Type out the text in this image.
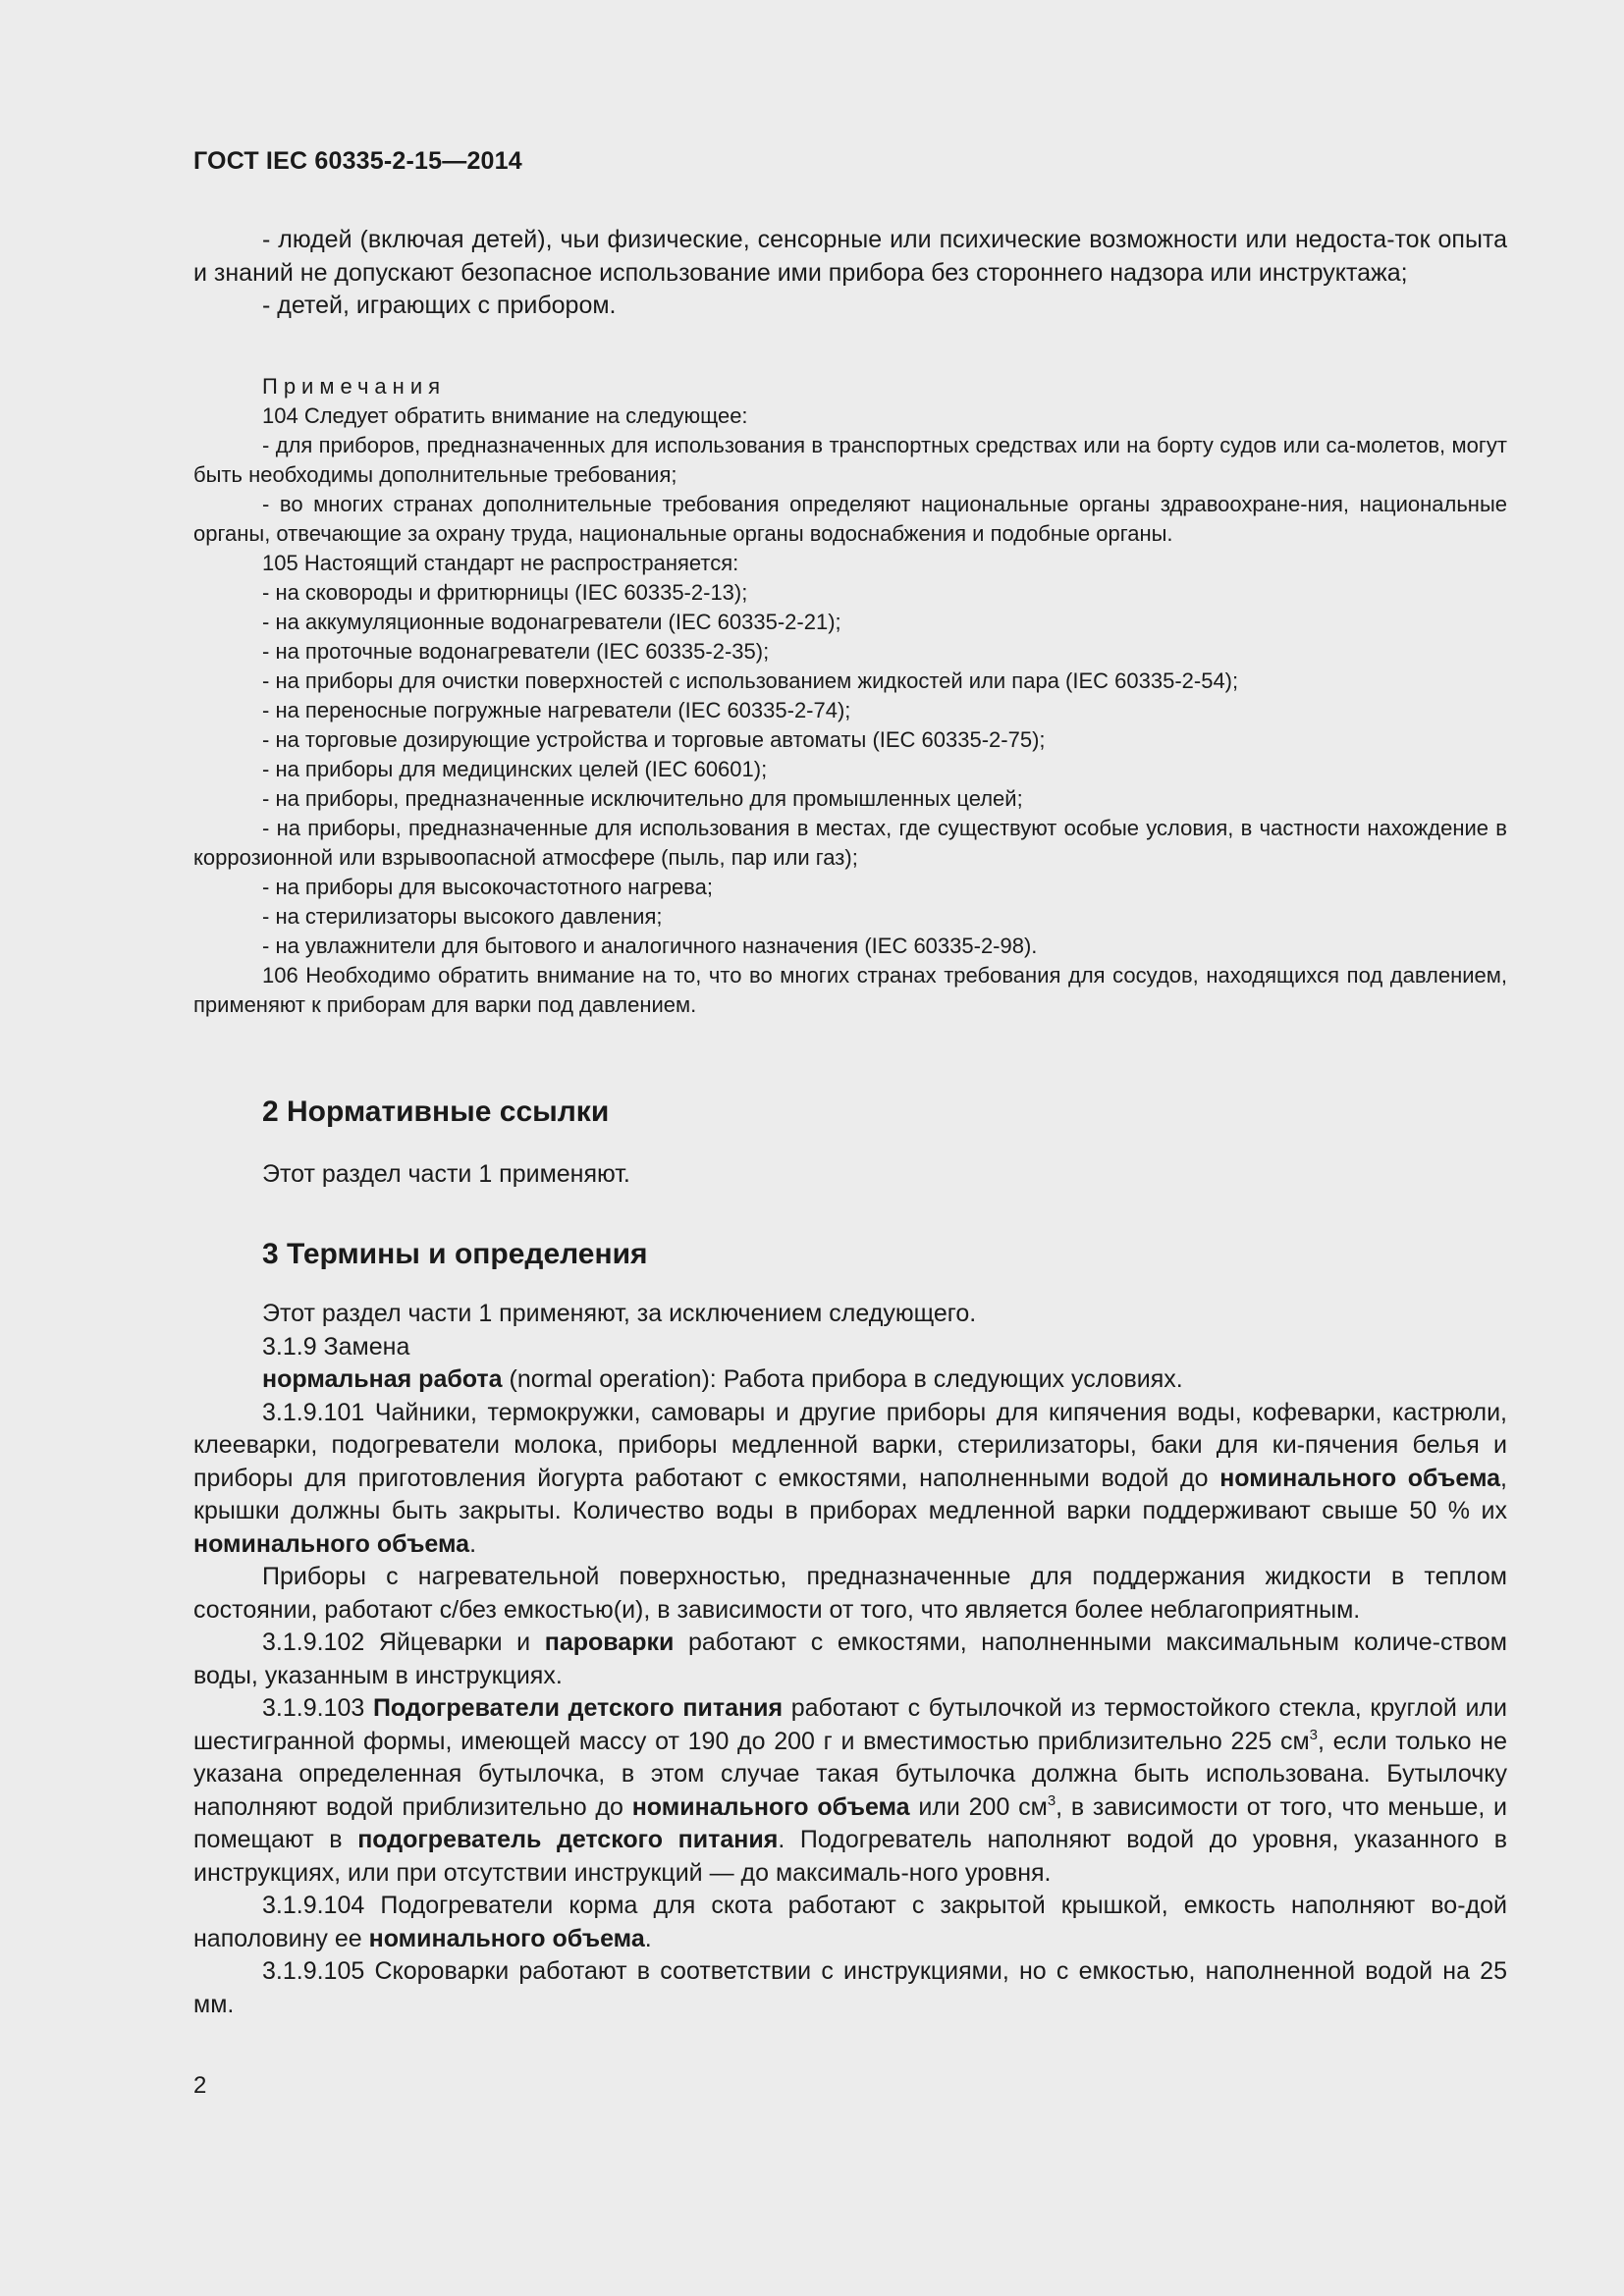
ГОСТ IEC 60335-2-15—2014

- людей (включая детей), чьи физические, сенсорные или психические возможности или недоста-ток опыта и знаний не допускают безопасное использование ими прибора без стороннего надзора или инструктажа;

- детей, играющих с прибором.

Примечания

104 Следует обратить внимание на следующее:

- для приборов, предназначенных для использования в транспортных средствах или на борту судов или са-молетов, могут быть необходимы дополнительные требования;

- во многих странах дополнительные требования определяют национальные органы здравоохране-ния, национальные органы, отвечающие за охрану труда, национальные органы водоснабжения и подобные органы.

105 Настоящий стандарт не распространяется:

- на сковороды и фритюрницы (IEC 60335-2-13);

- на аккумуляционные водонагреватели (IEC 60335-2-21);

- на проточные водонагреватели (IEC 60335-2-35);

- на приборы для очистки поверхностей с использованием жидкостей или пара (IEC 60335-2-54);

- на переносные погружные нагреватели (IEC 60335-2-74);

- на торговые дозирующие устройства и торговые автоматы (IEC 60335-2-75);

- на приборы для медицинских целей (IEC 60601);

- на приборы, предназначенные исключительно для промышленных целей;

- на приборы, предназначенные для использования в местах, где существуют особые условия, в частности нахождение в коррозионной или взрывоопасной атмосфере (пыль, пар или газ);

- на приборы для высокочастотного нагрева;

- на стерилизаторы высокого давления;

- на увлажнители для бытового и аналогичного назначения (IEC 60335-2-98).

106 Необходимо обратить внимание на то, что во многих странах требования для сосудов, находящихся под давлением, применяют к приборам для варки под давлением.

2 Нормативные ссылки

Этот раздел части 1 применяют.

3 Термины и определения

Этот раздел части 1 применяют, за исключением следующего.

3.1.9 Замена

нормальная работа (normal operation): Работа прибора в следующих условиях.

3.1.9.101 Чайники, термокружки, самовары и другие приборы для кипячения воды, кофеварки, кастрюли, клееварки, подогреватели молока, приборы медленной варки, стерилизаторы, баки для ки-пячения белья и приборы для приготовления йогурта работают с емкостями, наполненными водой до номинального объема, крышки должны быть закрыты. Количество воды в приборах медленной варки поддерживают свыше 50 % их номинального объема.

Приборы с нагревательной поверхностью, предназначенные для поддержания жидкости в теплом состоянии, работают с/без емкостью(и), в зависимости от того, что является более неблагоприятным.

3.1.9.102 Яйцеварки и пароварки работают с емкостями, наполненными максимальным количе-ством воды, указанным в инструкциях.

3.1.9.103 Подогреватели детского питания работают с бутылочкой из термостойкого стекла, круглой или шестигранной формы, имеющей массу от 190 до 200 г и вместимостью приблизительно 225 $см^3$, если только не указана определенная бутылочка, в этом случае такая бутылочка должна быть использована. Бутылочку наполняют водой приблизительно до номинального объема или 200 $см^3$, в зависимости от того, что меньше, и помещают в подогреватель детского питания. Подогреватель наполняют водой до уровня, указанного в инструкциях, или при отсутствии инструкций — до максималь-ного уровня.

3.1.9.104 Подогреватели корма для скота работают с закрытой крышкой, емкость наполняют во-дой наполовину ее номинального объема.

3.1.9.105 Скороварки работают в соответствии с инструкциями, но с емкостью, наполненной водой на 25 мм.

2
